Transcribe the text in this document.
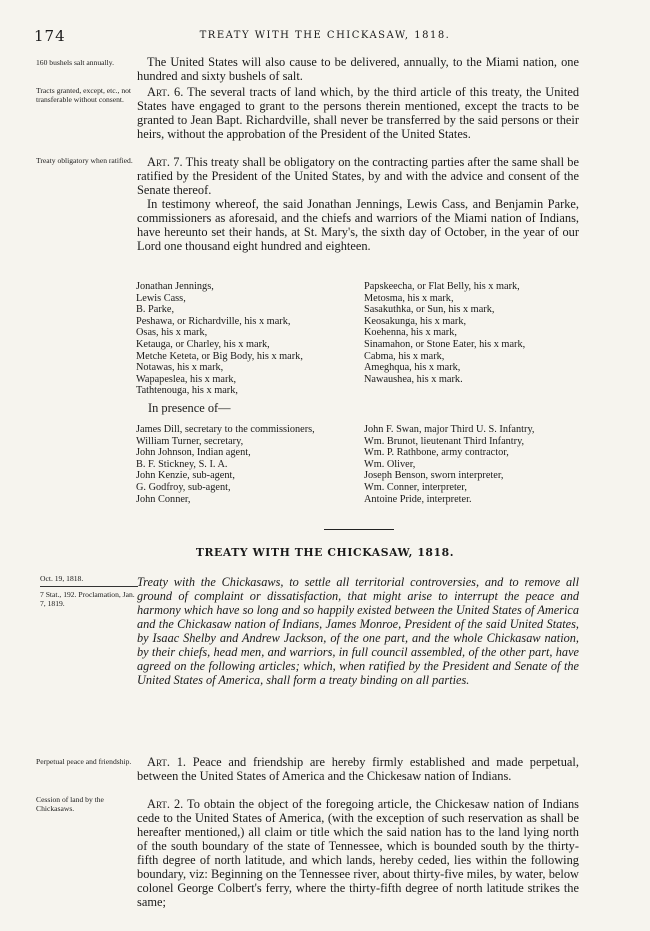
174	TREATY WITH THE CHICKASAW, 1818.
160 bushels salt annually.
Tracts granted, except, etc., not transferable without consent.
Treaty obligatory when ratified.

The United States will also cause to be delivered, annually, to the Miami nation, one hundred and sixty bushels of salt.

Art. 6. The several tracts of land which, by the third article of this treaty, the United States have engaged to grant to the persons therein mentioned, except the tracts to be granted to Jean Bapt. Richardville, shall never be transferred by the said persons or their heirs, without the approbation of the President of the United States.

Art. 7. This treaty shall be obligatory on the contracting parties after the same shall be ratified by the President of the United States, by and with the advice and consent of the Senate thereof.

In testimony whereof, the said Jonathan Jennings, Lewis Cass, and Benjamin Parke, commissioners as aforesaid, and the chiefs and warriors of the Miami nation of Indians, have hereunto set their hands, at St. Mary's, the sixth day of October, in the year of our Lord one thousand eight hundred and eighteen.

Jonathan Jennings,
Lewis Cass,
B. Parke,
Peshawa, or Richardville, his x mark,
Osas, his x mark,
Ketauga, or Charley, his x mark,
Metche Keteta, or Big Body, his x mark,
Notawas, his x mark,
Wapapeslea, his x mark,
Tathtenouga, his x mark,
Papskeecha, or Flat Belly, his x mark,
Metosma, his x mark,
Sasakuthka, or Sun, his x mark,
Keosakunga, his x mark,
Koehenna, his x mark,
Sinamahon, or Stone Eater, his x mark,
Cabma, his x mark,
Ameghqua, his x mark,
Nawaushea, his x mark.
In presence of—
James Dill, secretary to the commissioners,
William Turner, secretary,
John Johnson, Indian agent,
B. F. Stickney, S. I. A.
John Kenzie, sub-agent,
G. Godfroy, sub-agent,
John Conner,
John F. Swan, major Third U. S. Infantry,
Wm. Brunot, lieutenant Third Infantry,
Wm. P. Rathbone, army contractor,
Wm. Oliver,
Joseph Benson, sworn interpreter,
Wm. Conner, interpreter,
Antoine Pride, interpreter.
TREATY WITH THE CHICKASAW, 1818.
Oct. 19, 1818.
7 Stat., 192. Proclamation, Jan. 7, 1819.

Treaty with the Chickasaws, to settle all territorial controversies, and to remove all ground of complaint or dissatisfaction, that might arise to interrupt the peace and harmony which have so long and so happily existed between the United States of America and the Chickasaw nation of Indians, James Monroe, President of the said United States, by Isaac Shelby and Andrew Jackson, of the one part, and the whole Chickasaw nation, by their chiefs, head men, and warriors, in full council assembled, of the other part, have agreed on the following articles; which, when ratified by the President and Senate of the United States of America, shall form a treaty binding on all parties.

Perpetual peace and friendship.
Cession of land by the Chickasaws.

Art. 1. Peace and friendship are hereby firmly established and made perpetual, between the United States of America and the Chickesaw nation of Indians.

Art. 2. To obtain the object of the foregoing article, the Chickesaw nation of Indians cede to the United States of America, (with the exception of such reservation as shall be hereafter mentioned,) all claim or title which the said nation has to the land lying north of the south boundary of the state of Tennessee, which is bounded south by the thirty-fifth degree of north latitude, and which lands, hereby ceded, lies within the following boundary, viz: Beginning on the Tennessee river, about thirty-five miles, by water, below colonel George Colbert's ferry, where the thirty-fifth degree of north latitude strikes the same;
